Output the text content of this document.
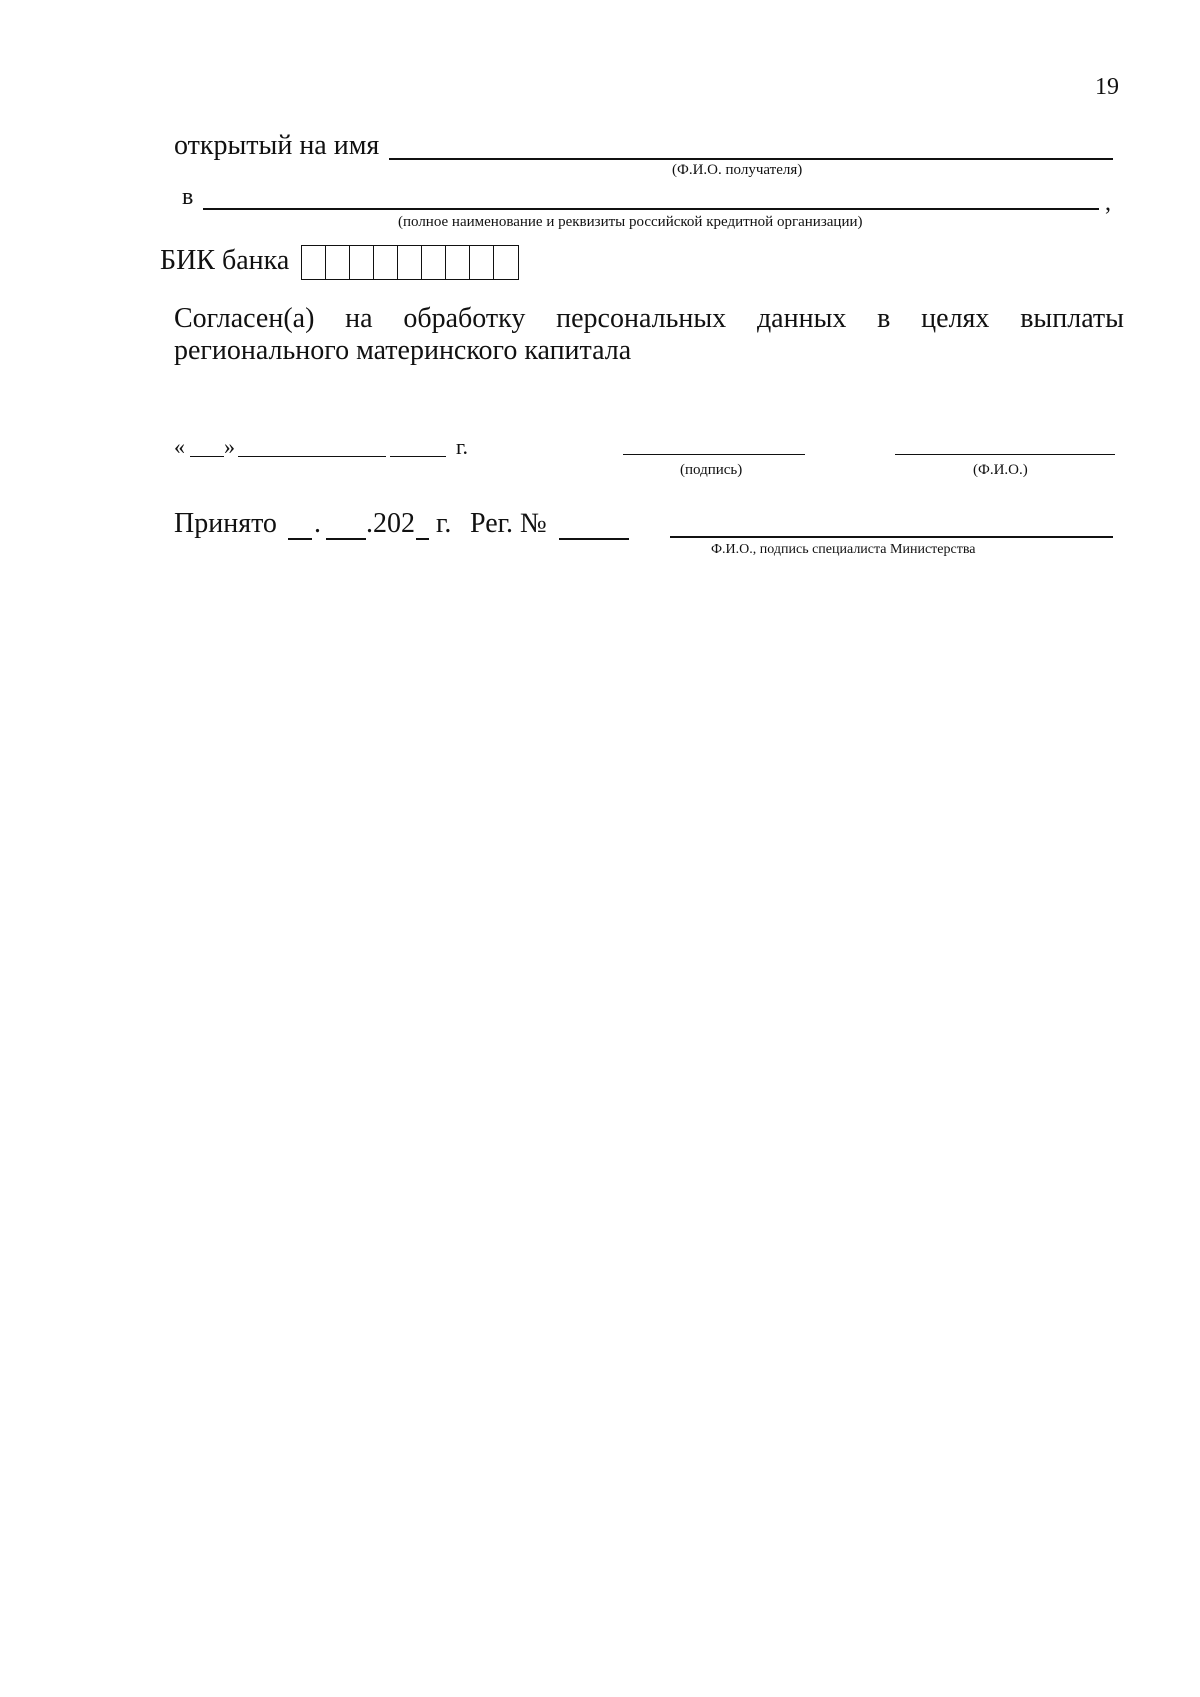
19
открытый на имя
(Ф.И.О. получателя)
в	,
(полное наименование и реквизиты российской кредитной организации)
БИК банка
Согласен(а) на обработку персональных данных в целях выплаты
регионального материнского капитала
« »	г.
(подпись)	(Ф.И.О.)
Принято . .202 г. Рег. №
Ф.И.О., подпись специалиста Министерства
